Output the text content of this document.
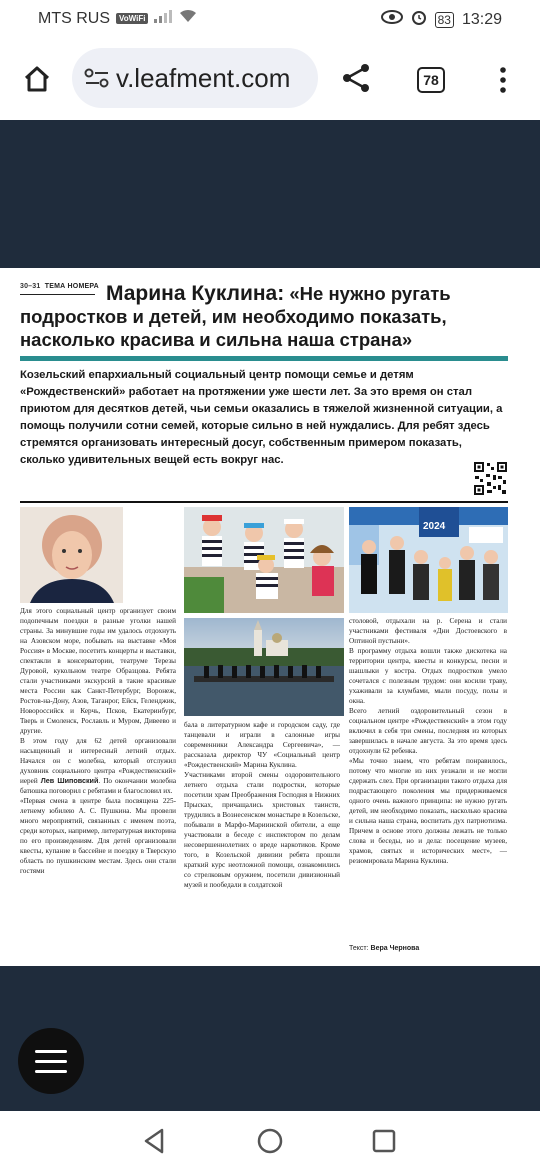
MTS RUS	VoWiFi	83 13:29
v.leafment.com	78
30–31 ТЕМА НОМЕРА Марина Куклина: «Не нужно ругать подростков и детей, им необходимо показать, насколько красива и сильна наша страна»
Козельский епархиальный социальный центр помощи семье и детям «Рождественский» работает на протяжении уже шести лет. За это время он стал приютом для десятков детей, чьи семьи оказались в тяжелой жизненной ситуации, а помощь получили сотни семей, которые сильно в ней нуждались. Для ребят здесь стремятся организовать интересный досуг, собственным примером показать, сколько удивительных вещей есть вокруг нас.
2024
Для этого социальный центр организует своим подопечным поездки в разные уголки нашей страны. За минувшие годы им удалось отдохнуть на Азовском море, побывать на выставке «Моя Россия» в Москве, посетить концерты и выставки, спектакли в консерватории, театруме Терезы Дуровой, кукольном театре Образцова. Ребята стали участниками экскурсий в такие красивые места России как Санкт-Петербург, Воронеж, Ростов-на-Дону, Азов, Таганрог, Ейск, Геленджик, Новороссийск и Керчь, Псков, Екатеринбург, Тверь и Смоленск, Рославль и Муром, Дивеево и другие.
В этом году для 62 детей организовали насыщенный и интересный летний отдых. Начался он с молебна, который отслужил духовник социального центра «Рождественский» иерей Лев Шиповский. По окончании молебна батюшка поговорил с ребятами и благословил их.
«Первая смена в центре была посвящена 225-летнему юбилею А. С. Пушкина. Мы провели много мероприятий, связанных с именем поэта, среди которых, например, литературная викторина по его произведениям. Для детей организовали квесты, купание в бассейне и поездку в Тверскую область по пушкинским местам. Здесь они стали гостями
бала в литературном кафе и городском саду, где танцевали и играли в салонные игры современники Александра Сергеевича», — рассказала директор ЧУ «Социальный центр «Рождественский» Марина Куклина.
Участниками второй смены оздоровительного летнего отдыха стали подростки, которые посетили храм Преображения Господня в Нижних Прысках, причащались христовых таинств, трудились в Вознесенском монастыре в Козельске, побывали в Марфо-Мариинской обители, а еще участвовали в беседе с инспектором по делам несовершеннолетних о вреде наркотиков. Кроме того, в Козельской дивизии ребята прошли краткий курс неотложной помощи, ознакомились со стрелковым оружием, посетили дивизионный музей и пообедали в солдатской
столовой, отдыхали на р. Серена и стали участниками фестиваля «Дни Достоевского в Оптиной пустыни».
В программу отдыха вошли также дискотека на территории центра, квесты и конкурсы, песни и шашлыки у костра. Отдых подростков умело сочетался с полезным трудом: они косили траву, ухаживали за клумбами, мыли посуду, полы и окна.
Всего летний оздоровительный сезон в социальном центре «Рождественский» в этом году включил в себя три смены, последняя из которых завершилась в начале августа. За это время здесь отдохнули 62 ребенка.
«Мы точно знаем, что ребятам понравилось, потому что многие из них уезжали и не могли сдержать слез. При организации такого отдыха для подрастающего поколения мы придерживаемся одного очень важного принципа: не нужно ругать детей, им необходимо показать, насколько красива и сильна наша страна, воспитать дух патриотизма. Причем в основе этого должны лежать не только слова и беседы, но и дела: посещение музеев, храмов, святых и исторических мест», — резюмировала Марина Куклина.
Текст: Вера Чернова
